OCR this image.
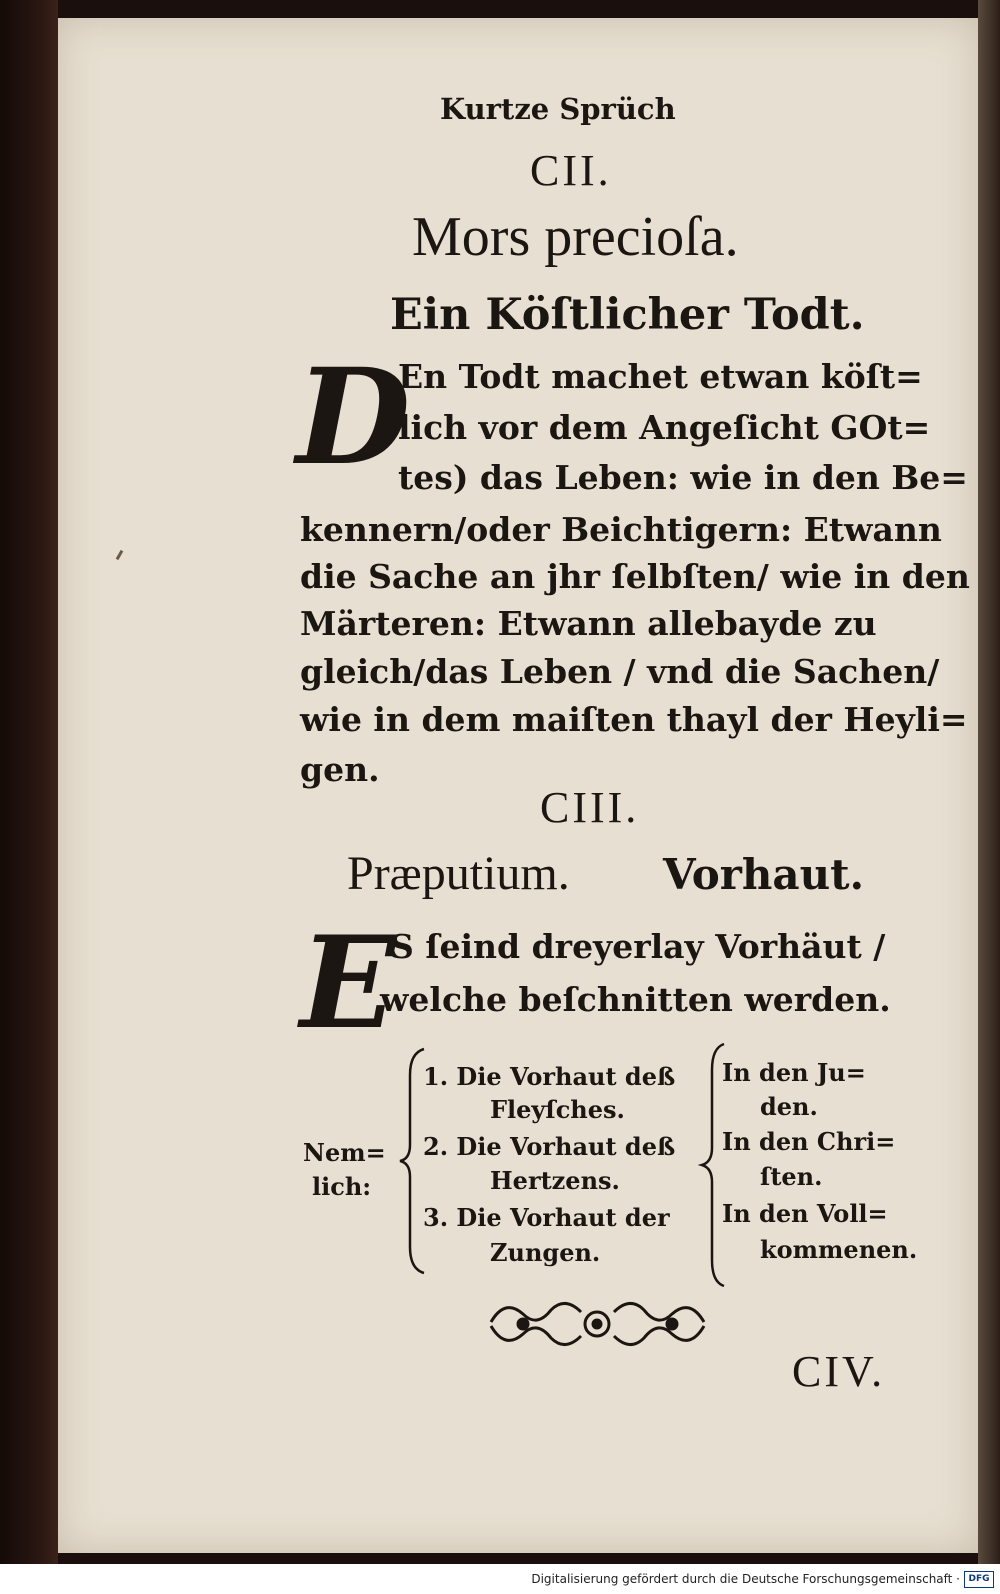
Kurtze Sprüch

CII.

Mors precioſa.

Ein Köſtlicher Todt.

D

En Todt machet etwan köſt=

lich vor dem Angeſicht GOt=

tes) das Leben: wie in den Be=

kennern/oder Beichtigern: Etwann

die Sache an jhr ſelbſten/ wie in den

Märteren: Etwann allebayde zu

gleich/das Leben / vnd die Sachen/

wie in dem maiſten thayl der Heyli=

gen.

CIII.

Præputium. Vorhaut.

E

S ſeind dreyerlay Vorhäut /

welche beſchnitten werden.

Nem=

lich:

1. Die Vorhaut deß

Fleyſches.

2. Die Vorhaut deß

Hertzens.

3. Die Vorhaut der

Zungen.

In den Ju=

den.

In den Chri=

ſten.

In den Voll=

kommenen.

CIV.

Digitalisierung gefördert durch die Deutsche Forschungsgemeinschaft · DFG
